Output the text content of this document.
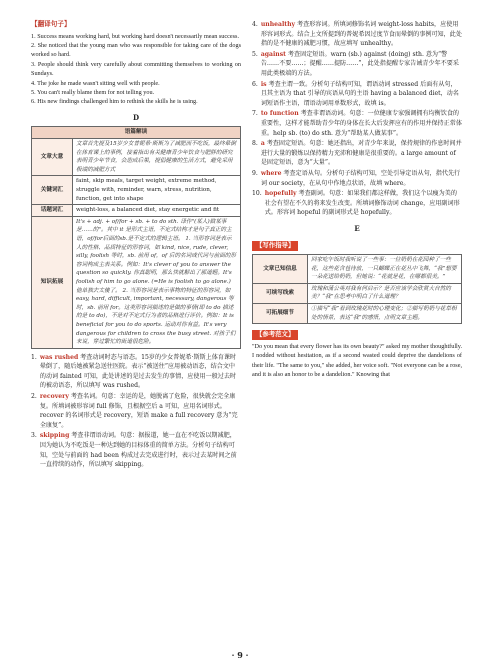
【翻译句子】
1. Success means working hard, but working hard doesn't necessarily mean success.
2. She noticed that the young man who was responsible for taking care of the dogs worked so hard.
3. People should think very carefully about committing themselves to working on Sundays.
4. The joke he made wasn't sitting well with people.
5. You can't really blame them for not telling you.
6. His new findings challenged him to rethink the skills he is using.
D
语篇解读	
文章大意	文章首先提及15岁少女普妮希·斯斯为了减肥而不吃饭，最终晕倒在体育课上的事例，接着指出有关健康青少年饮食与肥胖的研究表明青少年节食，会造成后果，提倡健康的生活方式，避免采用极端的减肥方式
关键词汇	faint, skip meals, target weight, extreme method, struggle with, reminder, warn, stress, nutrition, function, get into shape
话题词汇	weight-loss, a balanced diet, stay energetic and fit
知识拓展	It's + adj. + of/for + sb. + to do sth. 译作"(某人)做某事是……的"。其中 it 是形式主语，不定式结构才是句子真正的主语，of/for后面的sb.是不定式的逻辑主语。 1. 当形容词是表示人的性格、品质特征的形容词，如 kind, nice, rude, clever, silly, foolish 等时，sb. 前用 of，of 后的名词或代词与前面的形容词构成主表关系。例如：It's clever of you to answer the question so quickly. 你真聪明，那么快就解出了那道题。It's foolish of him to go alone. (=He is foolish to go alone.) 他单独去太傻了。 2. 当形容词是表示事物的特征的形容词，如 easy, hard, difficult, important, necessary, dangerous 等时，sb. 前用 for。这类形容词描述的是做的事情(即 to do 描述的是 to do)，不是对不定式行为者的品格进行评价。例如：It is beneficial for you to do sports. 运动对你有益。It's very dangerous for children to cross the busy street. 对孩子们来说，穿过繁忙的街道很危险。
1. was rushed 考查动词时态与语态。15岁的少女普妮希·斯斯上体育课时晕倒了，随后她被紧急送往医院。表示“被送往”应用被动语态，结合文中的动词 fainted 可知，此处讲述的是过去发生的事情，应使用一般过去时的被动语态，所以填写 was rushed。
2. recovery 考查名词。句意：幸运的是，她脱离了危险，很快就会完全康复。所填词被形容词 full 修饰，且根据空后 a 可知，应用名词形式。recover 的名词形式是 recovery，短语 make a full recovery 意为“完全康复”。
3. skipping 考查非谓语动词。句意：据报道，她一直在不吃饭以期减肥，因为她认为不吃饭是一种达到她的目标体重的简单方法。分析句子结构可知，空处与前面的 had been 构成过去完成进行时，表示过去某时间之前一直持续的动作，所以填写 skipping。
4. unhealthy 考查形容词。所填词修饰名词 weight-loss habits，应使用形容词形式。结合上文所提到的普妮希因过度节食而晕倒的事例可知，此处指的是不健康的减肥习惯，故应填写 unhealthy。
5. against 考查固定短语。warn (sb.) against (doing) sth. 意为“警告……不要……；提醒……提防……”，此处指提醒专家告诫青少年不要采用此类极端的方法。
6. is 考查主谓一致。分析句子结构可知，谓语动词 stressed 后面有从句，且其主语为 that 引导的宾语从句的主语 having a balanced diet，动名词短语作主语，谓语动词用单数形式，故填 is。
7. to function 考查非谓语动词。句意：一位健康专家强调拥有均衡饮食的重要性，这样才能帮助青少年的身体在长大后发挥应有的作用并保持正常体重。help sb. (to) do sth. 意为“帮助某人做某事”。
8. a 考查固定短语。句意：她还指出，对青少年来说，保持规律的作息时间并进行大量的锻炼以保持精力充沛和健康是很重要的。a large amount of 是固定短语，意为“大量”。
9. where 考查定语从句。分析句子结构可知，空处引导定语从句，指代先行词 our society，在从句中作地点状语，故填 where。
10. hopefully 考查副词。句意：如果我们都这样做，我们这个以瘦为美的社会有望在不久的将来发生改变。所填词修饰动词 change，应用副词形式。形容词 hopeful 的副词形式是 hopefully。
E
【写作指导】
文章已知信息	回家吃午饭时我听说了一些事：一位奶奶在花园种了一些花，这些花含苞待放，一只蝴蝶正在花丛中飞舞，“我”想要一朵花送给奶奶，但她说：“花就是花，在哪都很美。”
可续写线索	玫瑰和蒲公英对我有何启示？是否应该学会欣赏大自然的美？“我”在思考中明白了什么道理？
可拓展细节	①描写“我”看到玫瑰花时的心理变化；②描写奶奶与花草相处的情景，表达“我”的感悟，点明文章主题。
【参考范文】
"Do you mean that every flower has its own beauty?" asked my mother thoughtfully. I nodded without hesitation, as if a second wasted could deprive the dandelions of their life. "The same to you," she added, her voice soft. "Not everyone can be a rose, and it is also an honor to be a dandelion." Knowing that
· 9 ·
